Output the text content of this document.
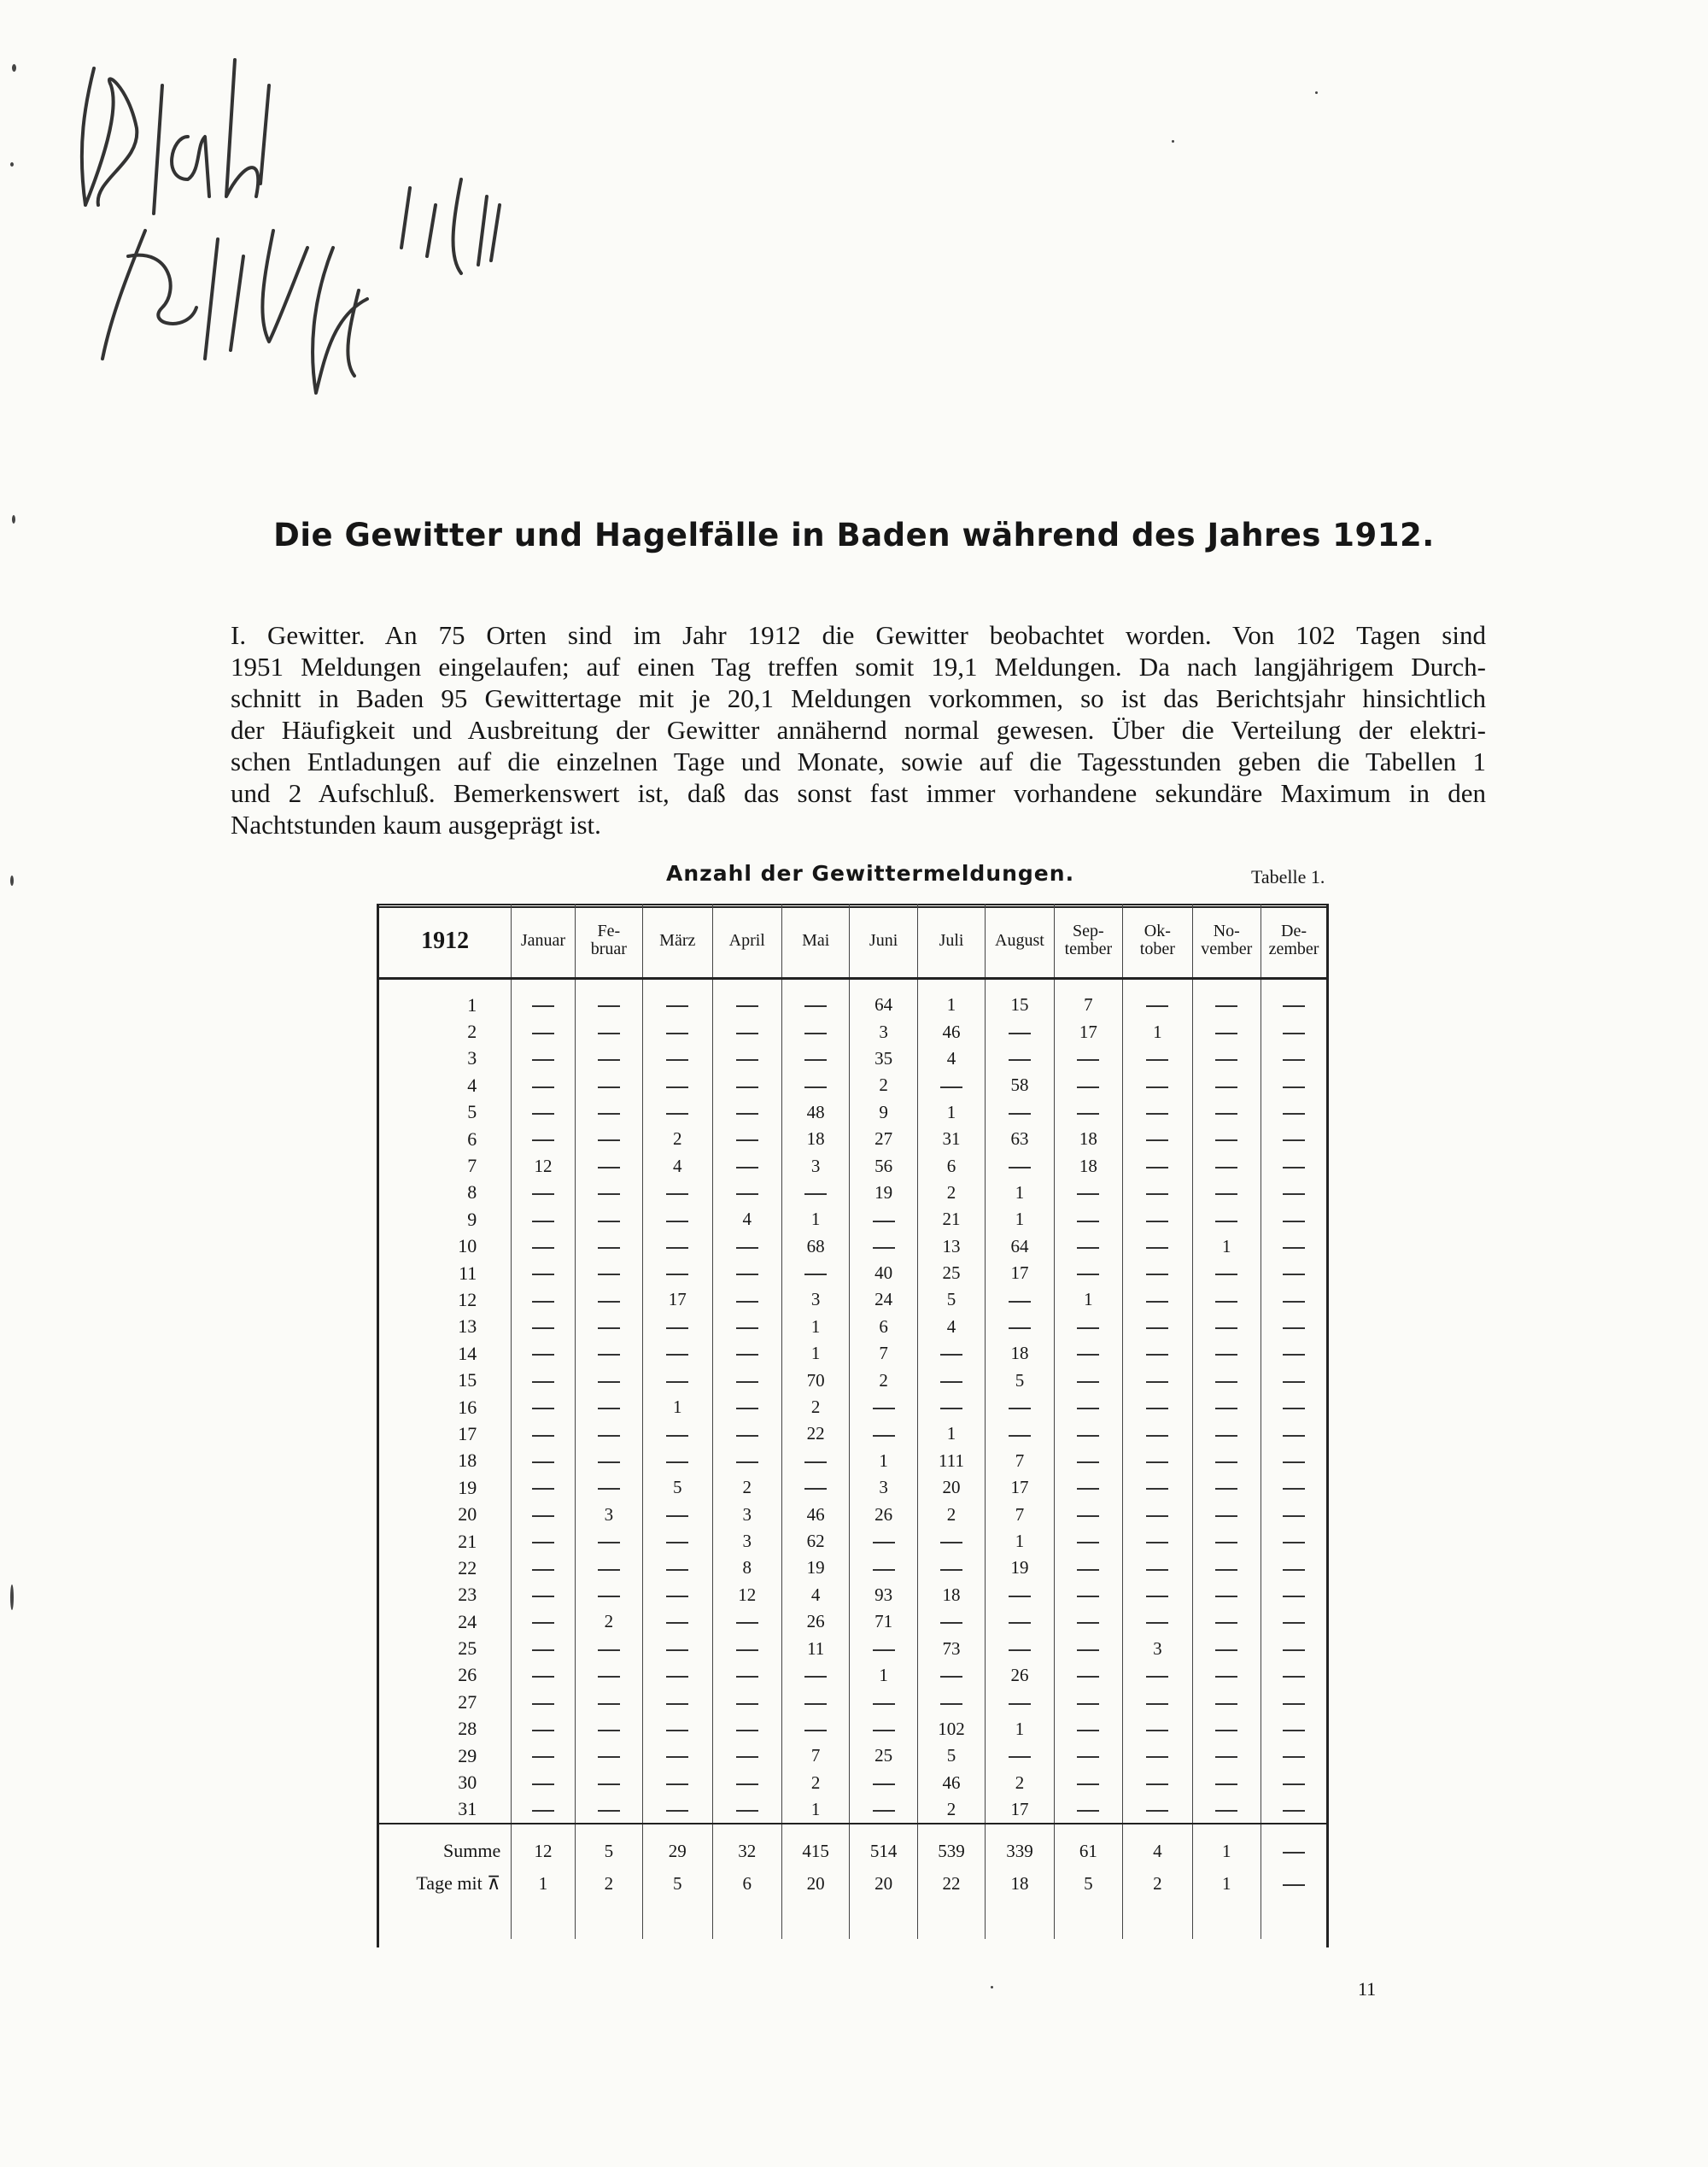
Die Gewitter und Hagelfälle in Baden während des Jahres 1912.

I. Gewitter. An 75 Orten sind im Jahr 1912 die Gewitter beobachtet worden. Von 102 Tagen sind
1951 Meldungen eingelaufen; auf einen Tag treffen somit 19,1 Meldungen. Da nach langjährigem Durch-
schnitt in Baden 95 Gewittertage mit je 20,1 Meldungen vorkommen, so ist das Berichtsjahr hinsichtlich
der Häufigkeit und Ausbreitung der Gewitter annähernd normal gewesen. Über die Verteilung der elektri-
schen Entladungen auf die einzelnen Tage und Monate, sowie auf die Tagesstunden geben die Tabellen 1
und 2 Aufschluß. Bemerkenswert ist, daß das sonst fast immer vorhandene sekundäre Maximum in den
Nachtstunden kaum ausgeprägt ist.

Anzahl der Gewittermeldungen.	Tabelle 1.
1912	Januar	Fe-
bruar	März	April	Mai	Juni	Juli	August	Sep-
tember	Ok-
tober	No-
vember	De-
zember

1						64	1	15	7			
2						3	46		17	1		
3						35	4					
4						2		58				
5					48	9	1					
6			2		18	27	31	63	18			
7	12		4		3	56	6		18			
8						19	2	1				
9				4	1		21	1				
10					68		13	64			1	
11						40	25	17				
12			17		3	24	5		1			
13					1	6	4					
14					1	7		18				
15					70	2		5				
16			1		2							
17					22		1					
18						1	111	7				
19			5	2		3	20	17				
20		3		3	46	26	2	7				
21				3	62			1				
22				8	19			19				
23				12	4	93	18					
24		2			26	71						
25					11		73			3		
26						1		26				
27												
28							102	1				
29					7	25	5					
30					2		46	2				
31					1		2	17				
Summe	12	5	29	32	415	514	539	339	61	4	1	
Tage mit ⊼	1	2	5	6	20	20	22	18	5	2	1	

11
